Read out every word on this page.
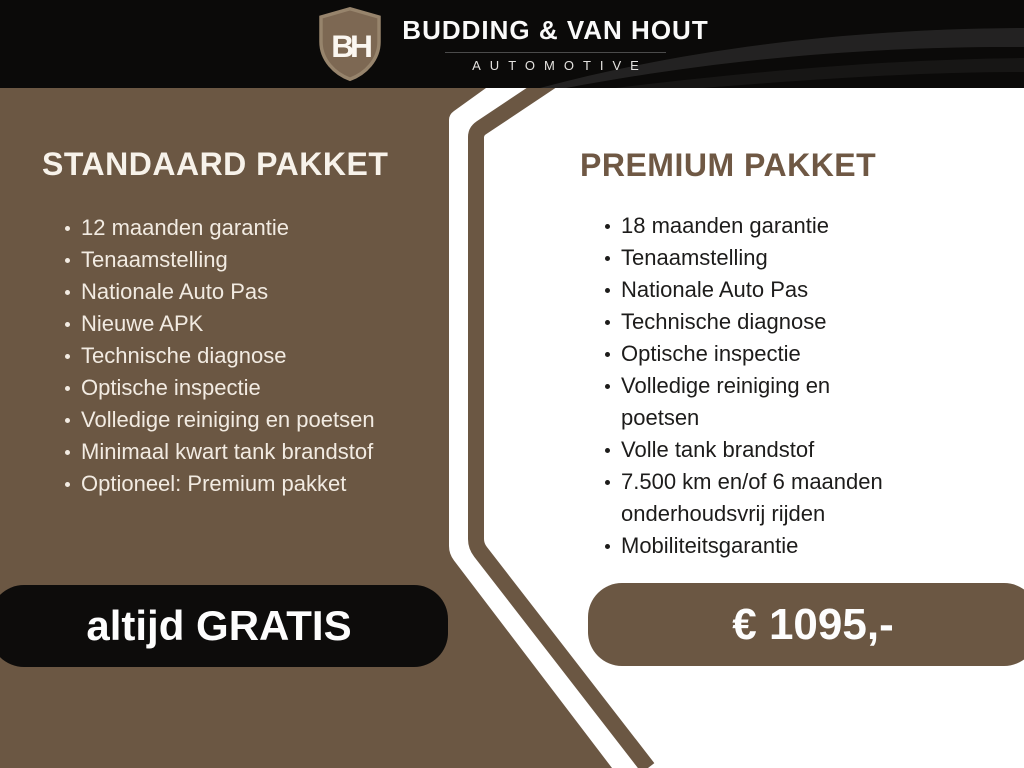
BH BUDDING & VAN HOUT
AUTOMOTIVE
STANDAARD PAKKET
12 maanden garantie
Tenaamstelling
Nationale Auto Pas
Nieuwe APK
Technische diagnose
Optische inspectie
Volledige reiniging en poetsen
Minimaal kwart tank brandstof
Optioneel: Premium pakket
PREMIUM PAKKET
18 maanden garantie
Tenaamstelling
Nationale Auto Pas
Technische diagnose
Optische inspectie
Volledige reiniging en poetsen
Volle tank brandstof
7.500 km en/of 6 maanden onderhoudsvrij rijden
Mobiliteitsgarantie
altijd GRATIS	€ 1095,-
